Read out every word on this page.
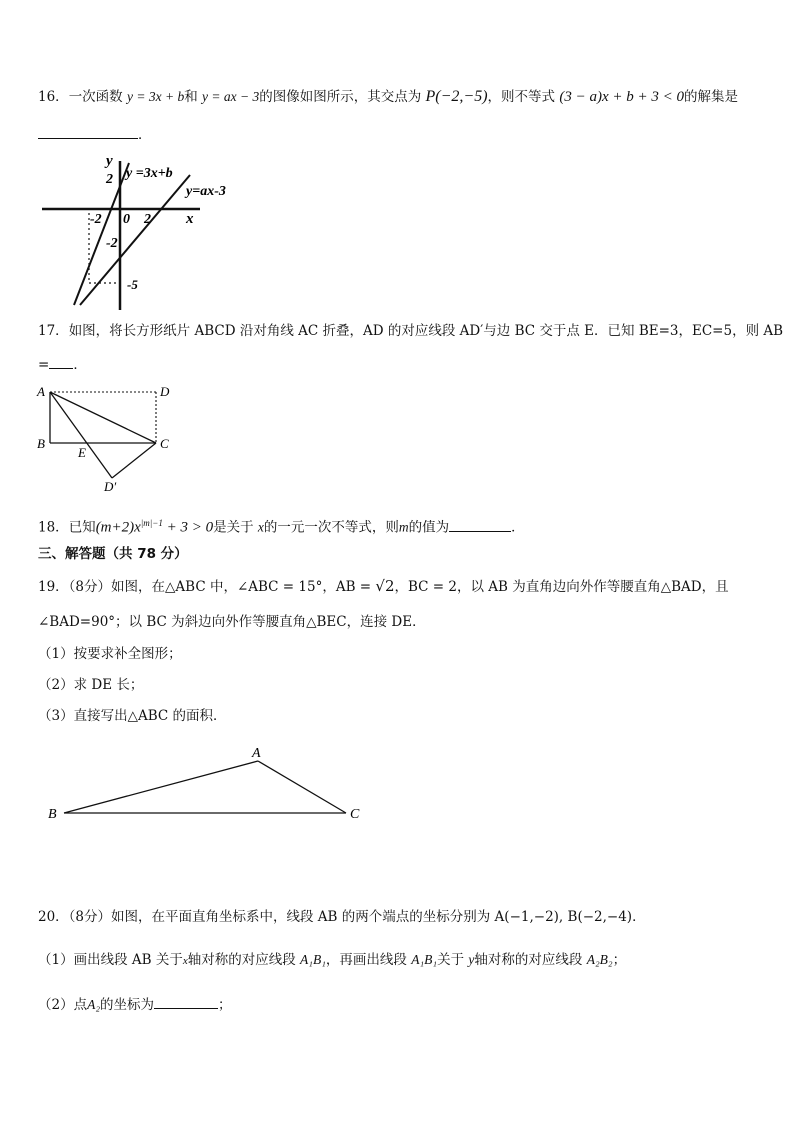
16．一次函数 y = 3x + b和 y = ax − 3的图像如图所示，其交点为 P(−2,−5)，则不等式 (3 − a)x + b + 3 < 0的解集是
．
y
2 y =3x+b
y=ax-3
-2 0 2 x
-2
-5
17．如图，将长方形纸片 ABCD 沿对角线 AC 折叠，AD 的对应线段 AD′与边 BC 交于点 E．已知 BE=3，EC=5，则 AB
= ．
A	D
B	C
E
D′
18．已知$(m+2)x^{|m|-1} + 3 > 0$是关于 x的一元一次不等式，则m的值为	．
三、解答题（共 78 分）
19．（8分）如图，在△ABC 中，∠ABC = 15°，AB = √2，BC = 2，以 AB 为直角边向外作等腰直角△BAD，且
∠BAD=90°；以 BC 为斜边向外作等腰直角△BEC，连接 DE．
（1）按要求补全图形；
（2）求 DE 长；
（3）直接写出△ABC 的面积．
A
B	C
20．（8分）如图，在平面直角坐标系中，线段 AB 的两个端点的坐标分别为 A(−1,−2), B(−2,−4)．
（1）画出线段 AB 关于x轴对称的对应线段 A₁B₁，再画出线段 A₁B₁关于 y轴对称的对应线段 A₂B₂；
（2）点A₂的坐标为	；
